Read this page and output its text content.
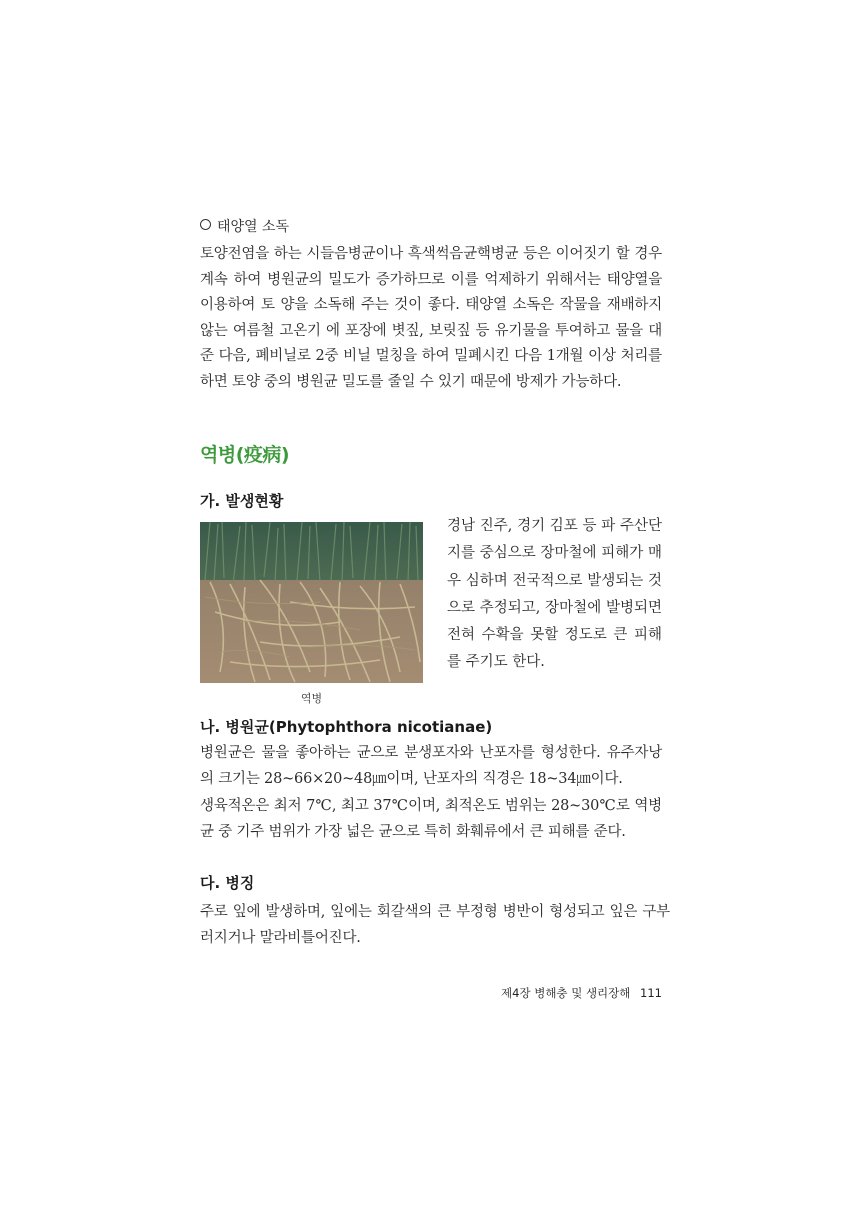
태양열 소독

토양전염을 하는 시들음병균이나 흑색썩음균핵병균 등은 이어짓기 할 경우 계속 하여 병원균의 밀도가 증가하므로 이를 억제하기 위해서는 태양열을 이용하여 토 양을 소독해 주는 것이 좋다. 태양열 소독은 작물을 재배하지 않는 여름철 고온기 에 포장에 볏짚, 보릿짚 등 유기물을 투여하고 물을 대준 다음, 폐비닐로 2중 비닐 멀칭을 하여 밀폐시킨 다음 1개월 이상 처리를 하면 토양 중의 병원균 밀도를 줄일 수 있기 때문에 방제가 가능하다.

역병(疫病)
가. 발생현황
역병

경남 진주, 경기 김포 등 파 주산단지를 중심으로 장마철에 피해가 매우 심하며 전국적으로 발생되는 것으로 추정되고, 장마철에 발병되면 전혀 수확을 못할 정도로 큰 피해를 주기도 한다.

나. 병원균(Phytophthora nicotianae)

병원균은 물을 좋아하는 균으로 분생포자와 난포자를 형성한다. 유주자낭의 크기는 28~66×20~48㎛이며, 난포자의 직경은 18~34㎛이다.

생육적온은 최저 7℃, 최고 37℃이며, 최적온도 범위는 28~30℃로 역병균 중 기주 범위가 가장 넓은 균으로 특히 화훼류에서 큰 피해를 준다.

다. 병징

주로 잎에 발생하며, 잎에는 회갈색의 큰 부정형 병반이 형성되고 잎은 구부러지거나 말라비틀어진다.

제4장 병해충 및 생리장해 111
